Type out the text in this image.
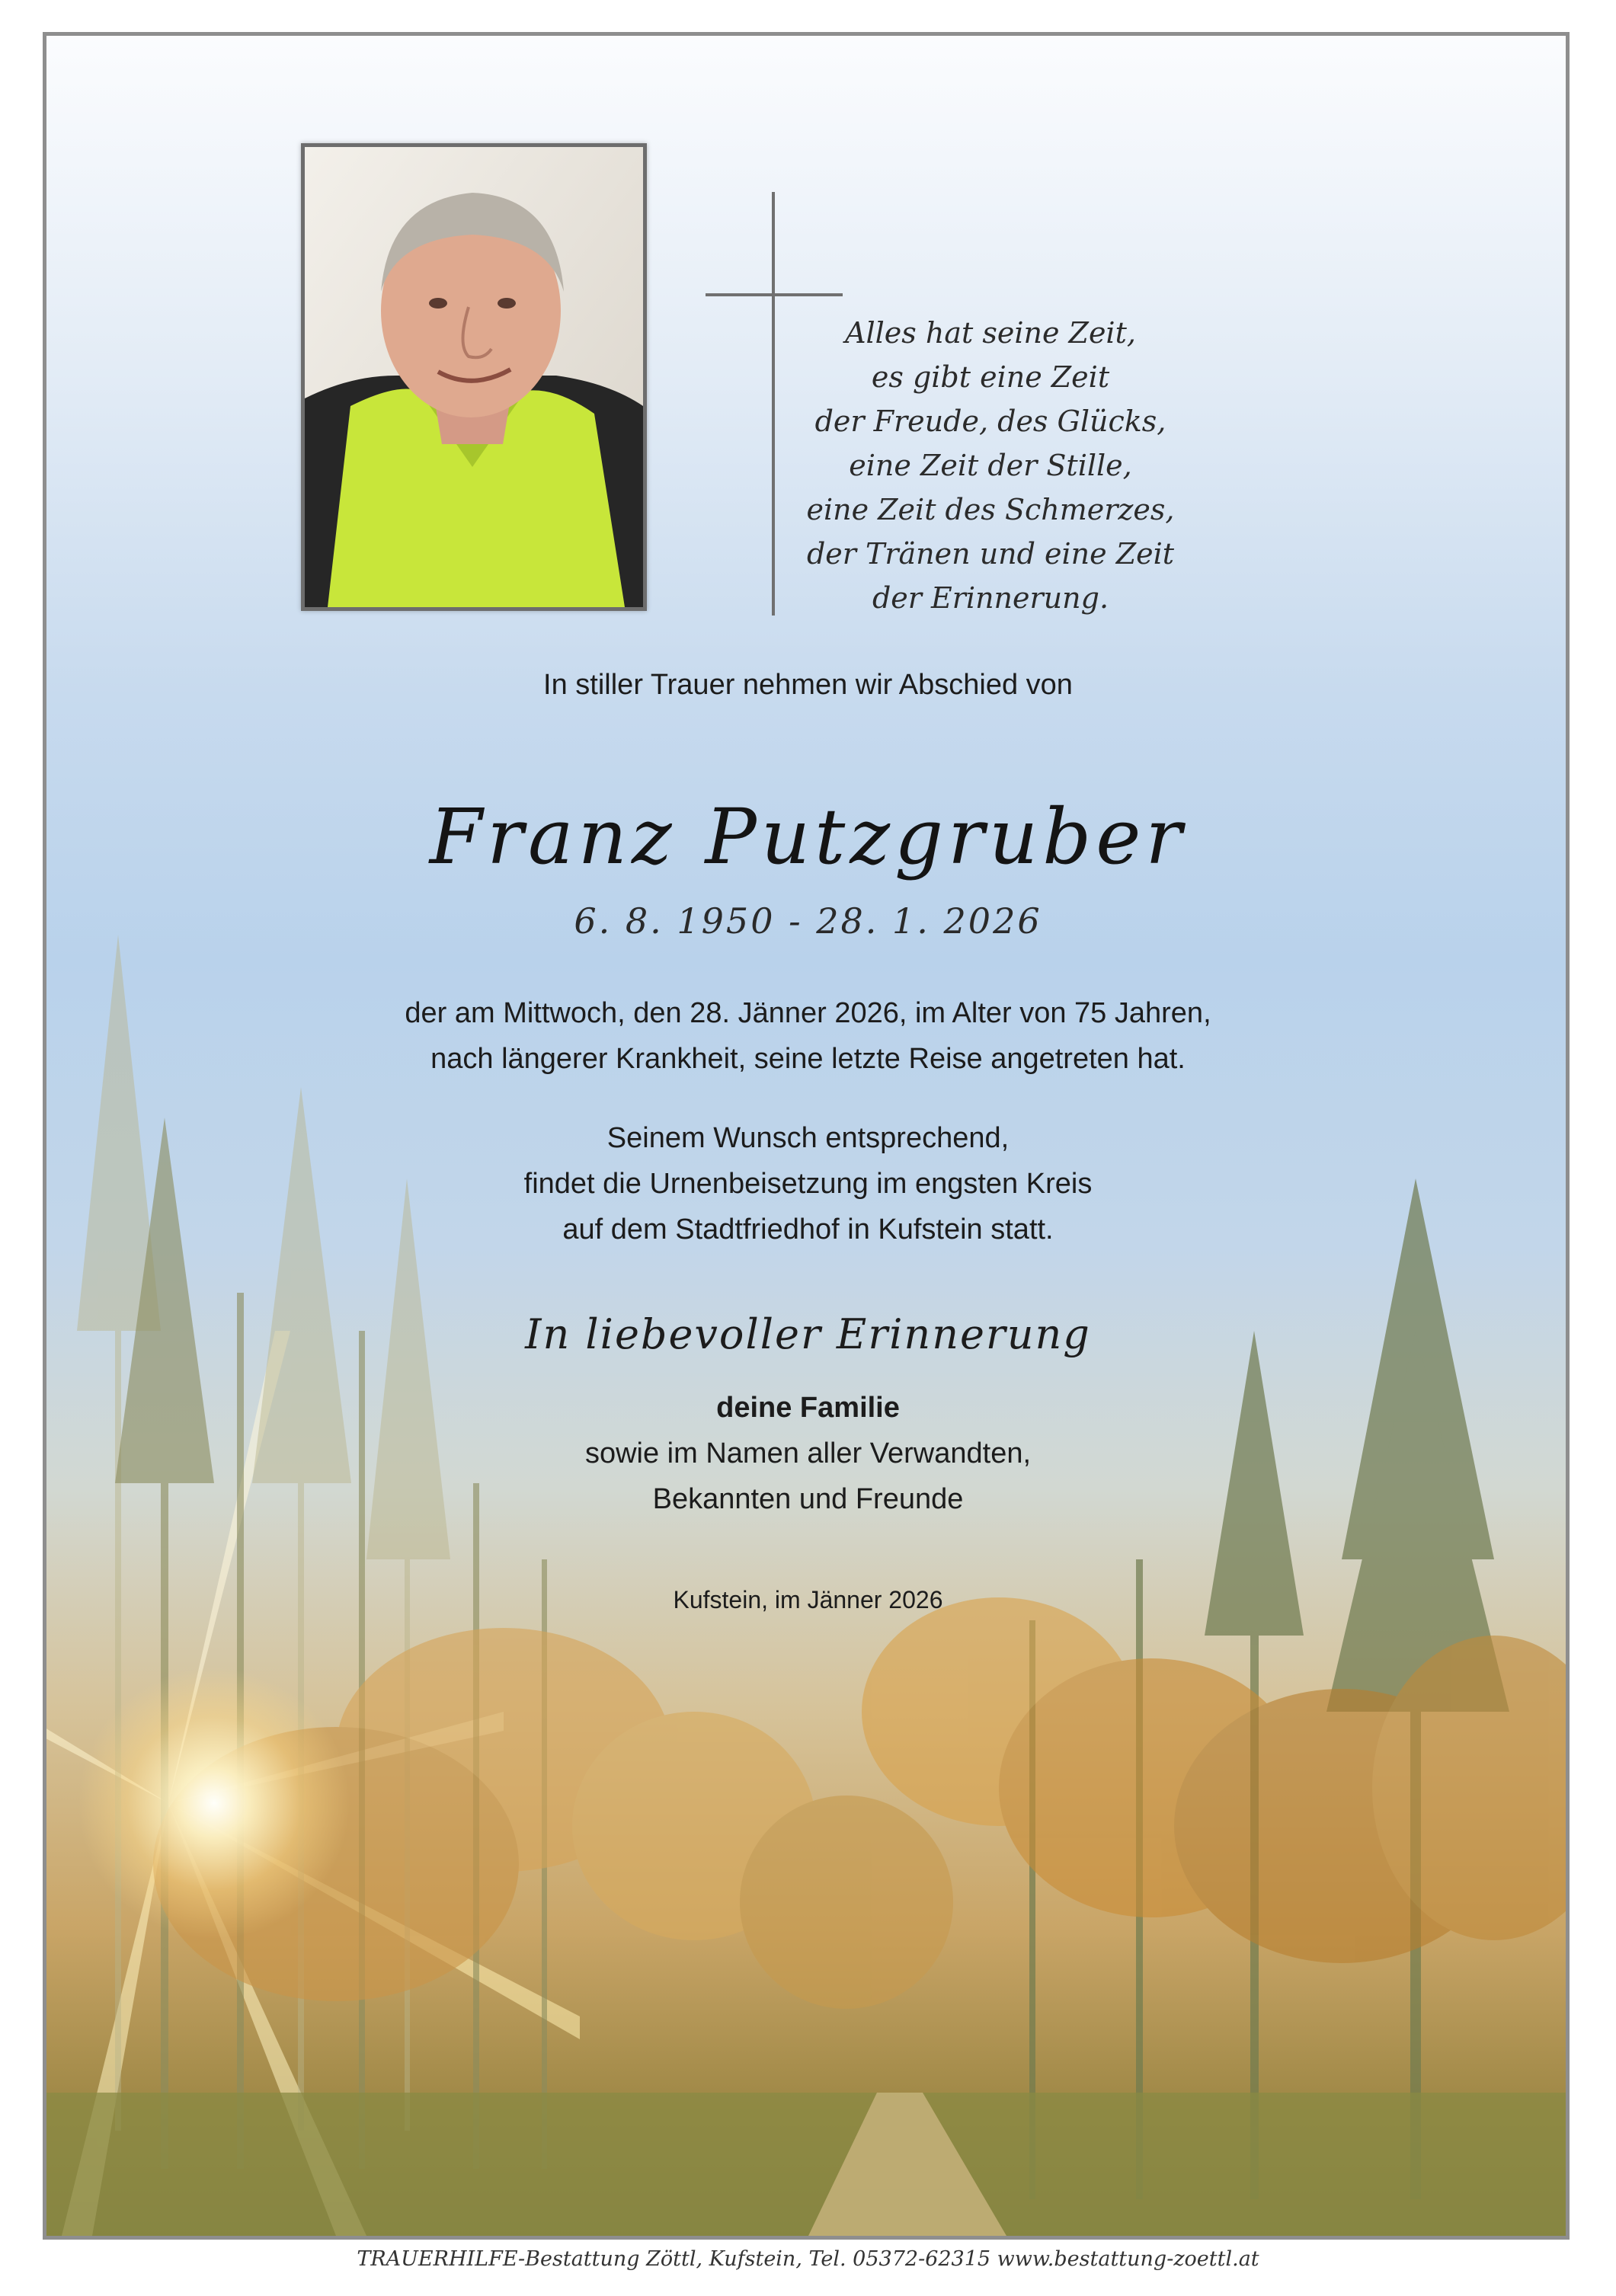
Alles hat seine Zeit,
es gibt eine Zeit
der Freude, des Glücks,
eine Zeit der Stille,
eine Zeit des Schmerzes,
der Tränen und eine Zeit
der Erinnerung.
In stiller Trauer nehmen wir Abschied von
Franz Putzgruber
6. 8. 1950 - 28. 1. 2026
der am Mittwoch, den 28. Jänner 2026, im Alter von 75 Jahren,
nach längerer Krankheit, seine letzte Reise angetreten hat.
Seinem Wunsch entsprechend,
findet die Urnenbeisetzung im engsten Kreis
auf dem Stadtfriedhof in Kufstein statt.
In liebevoller Erinnerung
deine Familie
sowie im Namen aller Verwandten,
Bekannten und Freunde
Kufstein, im Jänner 2026
TRAUERHILFE-Bestattung Zöttl, Kufstein, Tel. 05372-62315 www.bestattung-zoettl.at
